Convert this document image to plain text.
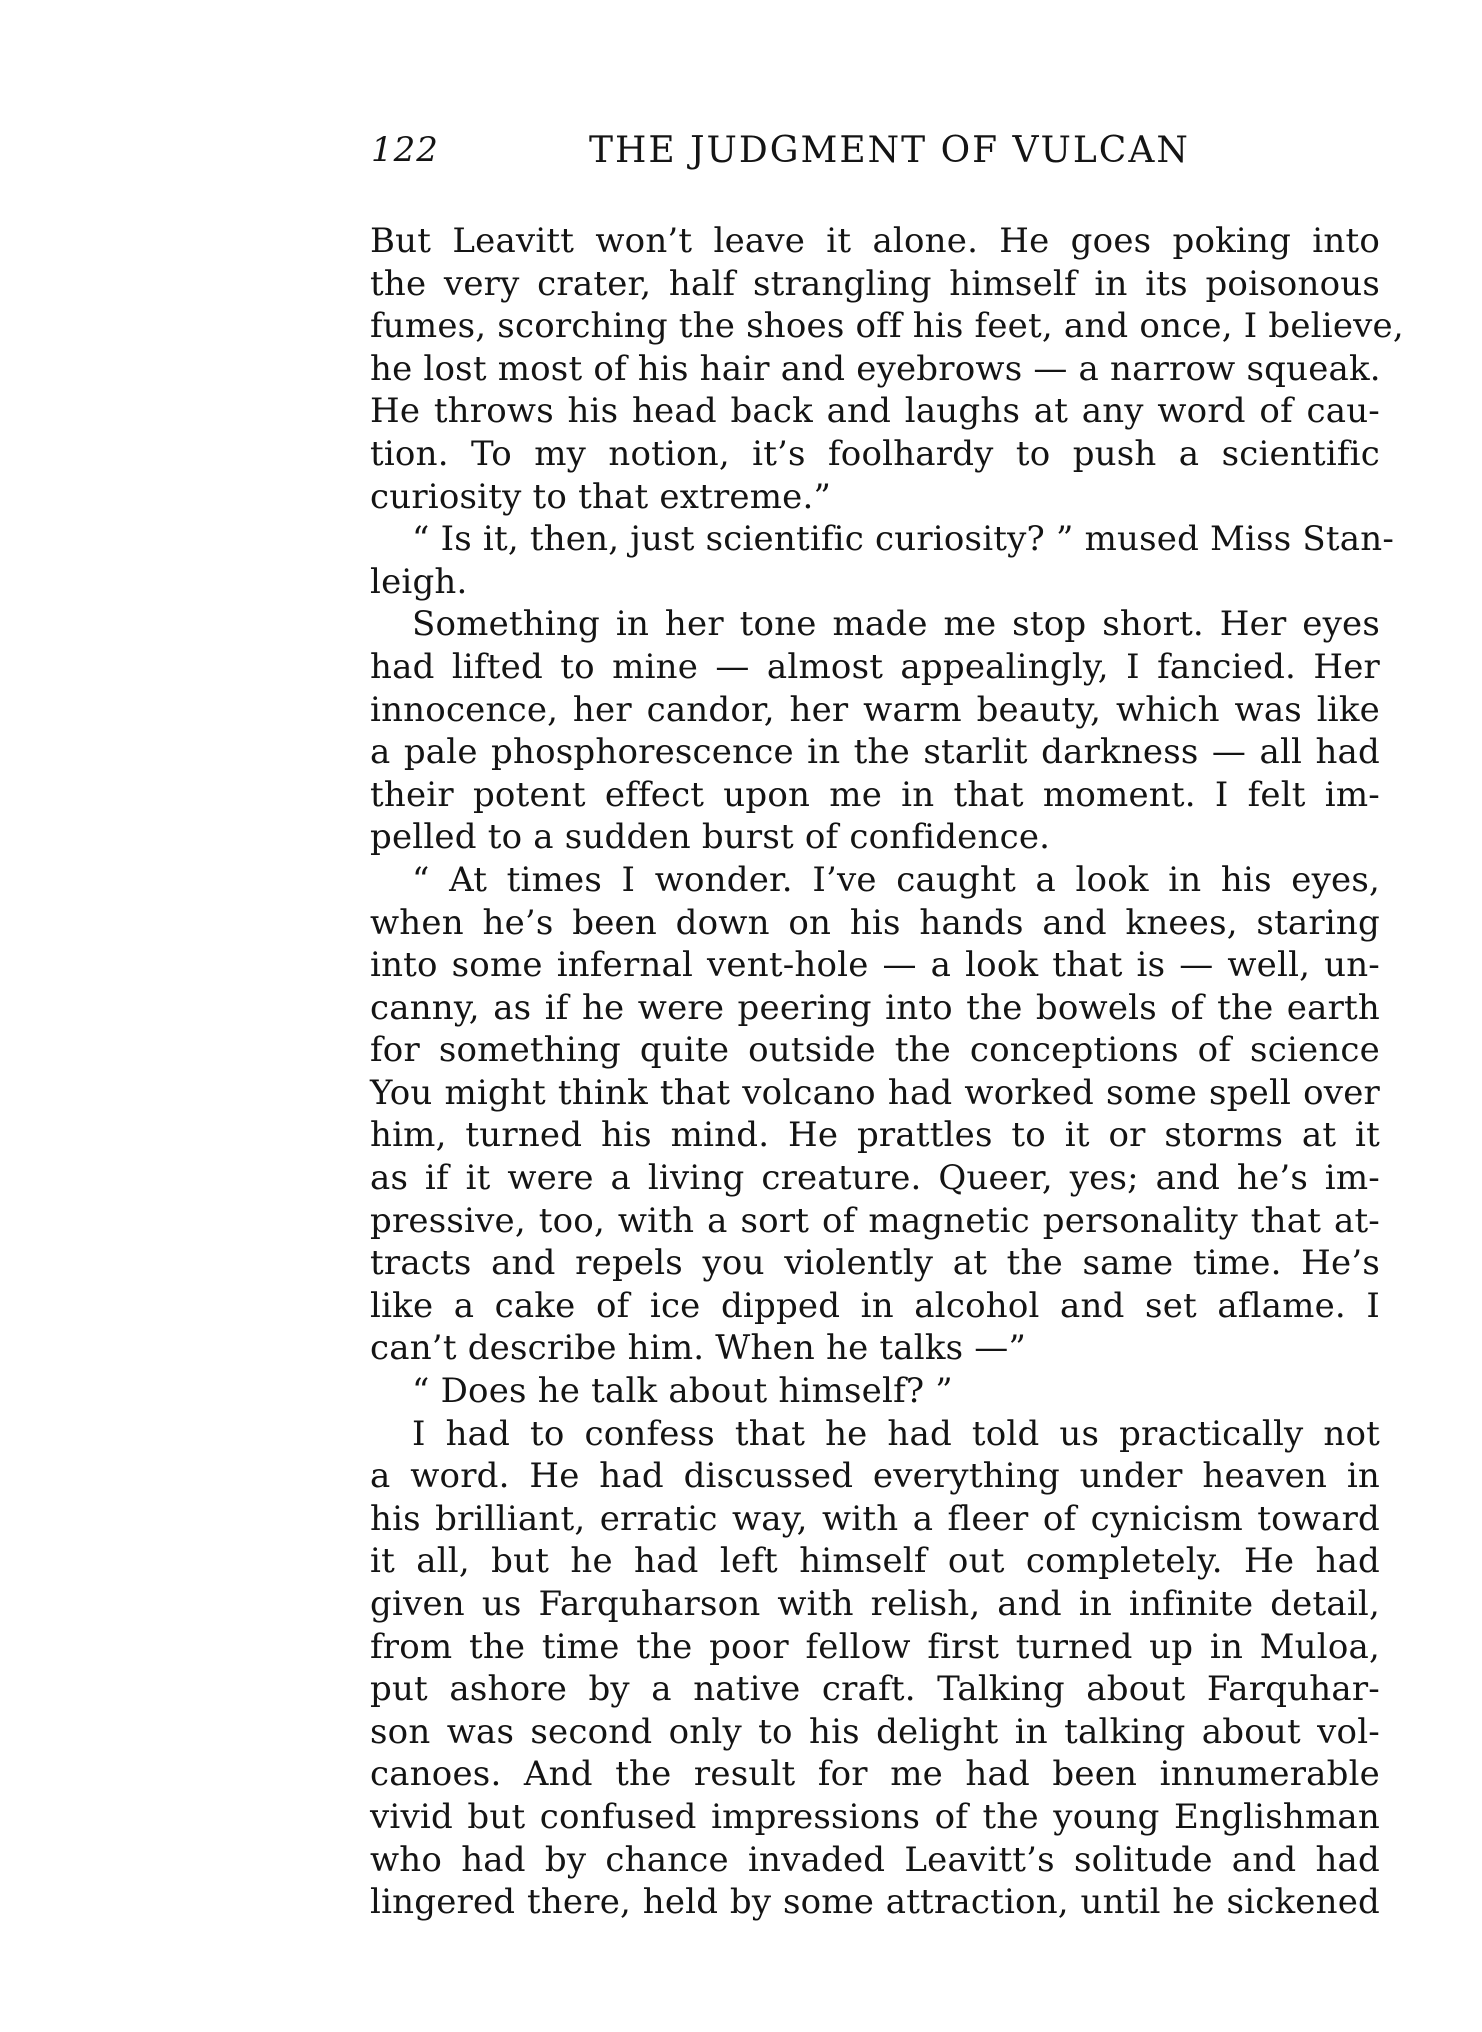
122	THE JUDGMENT OF VULCAN
But Leavitt won’t leave it alone. He goes poking into
the very crater, half strangling himself in its poisonous
fumes, scorching the shoes off his feet, and once, I believe,
he lost most of his hair and eyebrows — a narrow squeak.
He throws his head back and laughs at any word of cau-
tion. To my notion, it’s foolhardy to push a scientific
curiosity to that extreme.”
“ Is it, then, just scientific curiosity? ” mused Miss Stan-
leigh.
Something in her tone made me stop short. Her eyes
had lifted to mine — almost appealingly, I fancied. Her
innocence, her candor, her warm beauty, which was like
a pale phosphorescence in the starlit darkness — all had
their potent effect upon me in that moment. I felt im-
pelled to a sudden burst of confidence.
“ At times I wonder. I’ve caught a look in his eyes,
when he’s been down on his hands and knees, staring
into some infernal vent-hole — a look that is — well, un-
canny, as if he were peering into the bowels of the earth
for something quite outside the conceptions of science
You might think that volcano had worked some spell over
him, turned his mind. He prattles to it or storms at it
as if it were a living creature. Queer, yes; and he’s im-
pressive, too, with a sort of magnetic personality that at-
tracts and repels you violently at the same time. He’s
like a cake of ice dipped in alcohol and set aflame. I
can’t describe him. When he talks —”
“ Does he talk about himself? ”
I had to confess that he had told us practically not
a word. He had discussed everything under heaven in
his brilliant, erratic way, with a fleer of cynicism toward
it all, but he had left himself out completely. He had
given us Farquharson with relish, and in infinite detail,
from the time the poor fellow first turned up in Muloa,
put ashore by a native craft. Talking about Farquhar-
son was second only to his delight in talking about vol-
canoes. And the result for me had been innumerable
vivid but confused impressions of the young Englishman
who had by chance invaded Leavitt’s solitude and had
lingered there, held by some attraction, until he sickened
